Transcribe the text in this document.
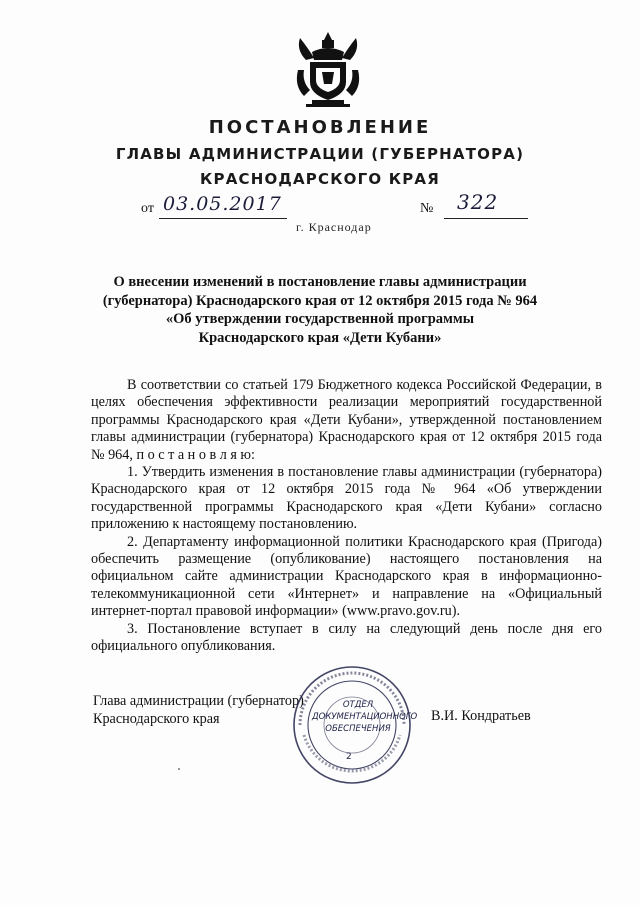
ПОСТАНОВЛЕНИЕ
ГЛАВЫ АДМИНИСТРАЦИИ (ГУБЕРНАТОРА)
КРАСНОДАРСКОГО КРАЯ
от 03.05.2017	№ 322
г. Краснодар
О внесении изменений в постановление главы администрации
(губернатора) Краснодарского края от 12 октября 2015 года № 964
«Об утверждении государственной программы
Краснодарского края «Дети Кубани»

В соответствии со статьей 179 Бюджетного кодекса Российской Федерации, в целях обеспечения эффективности реализации мероприятий государственной программы Краснодарского края «Дети Кубани», утвержденной постановлением главы администрации (губернатора) Краснодарского края от 12 октября 2015 года № 964, п о с т а н о в л я ю:

1. Утвердить изменения в постановление главы администрации (губернатора) Краснодарского края от 12 октября 2015 года № 964 «Об утверждении государственной программы Краснодарского края «Дети Кубани» согласно приложению к настоящему постановлению.

2. Департаменту информационной политики Краснодарского края (Пригода) обеспечить размещение (опубликование) настоящего постановления на официальном сайте администрации Краснодарского края в информационно-телекоммуникационной сети «Интернет» и направление на «Официальный интернет-портал правовой информации» (www.pravo.gov.ru).

3. Постановление вступает в силу на следующий день после дня его официального опубликования.

Глава администрации (губернатор)
Краснодарского края
ОТДЕЛ
ДОКУМЕНТАЦИОННОГО
ОБЕСПЕЧЕНИЯ
2
В.И. Кондратьев
